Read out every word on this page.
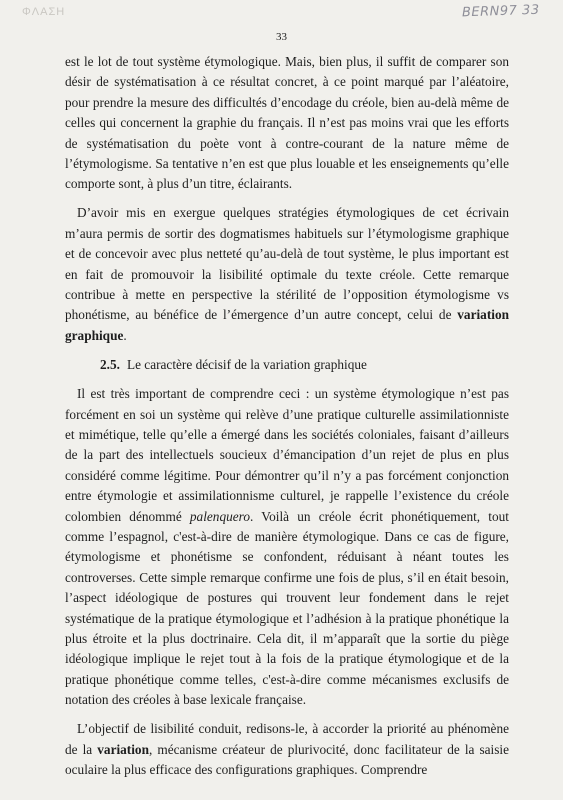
ΦΛΑΣΗ	BERN97 33
33

est le lot de tout système étymologique. Mais, bien plus, il suffit de comparer son désir de systématisation à ce résultat concret, à ce point marqué par l’aléatoire, pour prendre la mesure des difficultés d’encodage du créole, bien au-delà même de celles qui concernent la graphie du français. Il n’est pas moins vrai que les efforts de systématisation du poète vont à contre-courant de la nature même de l’étymologisme. Sa tentative n’en est que plus louable et les enseignements qu’elle comporte sont, à plus d’un titre, éclairants.

D’avoir mis en exergue quelques stratégies étymologiques de cet écrivain m’aura permis de sortir des dogmatismes habituels sur l’étymologisme graphique et de concevoir avec plus netteté qu’au-delà de tout système, le plus important est en fait de promouvoir la lisibilité optimale du texte créole. Cette remarque contribue à mette en perspective la stérilité de l’opposition étymologisme vs phonétisme, au bénéfice de l’émergence d’un autre concept, celui de variation graphique.

2.5. Le caractère décisif de la variation graphique

Il est très important de comprendre ceci : un système étymologique n’est pas forcément en soi un système qui relève d’une pratique culturelle assimilationniste et mimétique, telle qu’elle a émergé dans les sociétés coloniales, faisant d’ailleurs de la part des intellectuels soucieux d’émancipation d’un rejet de plus en plus considéré comme légitime. Pour démontrer qu’il n’y a pas forcément conjonction entre étymologie et assimilationnisme culturel, je rappelle l’existence du créole colombien dénommé palenquero. Voilà un créole écrit phonétiquement, tout comme l’espagnol, c'est-à-dire de manière étymologique. Dans ce cas de figure, étymologisme et phonétisme se confondent, réduisant à néant toutes les controverses. Cette simple remarque confirme une fois de plus, s’il en était besoin, l’aspect idéologique de postures qui trouvent leur fondement dans le rejet systématique de la pratique étymologique et l’adhésion à la pratique phonétique la plus étroite et la plus doctrinaire. Cela dit, il m’apparaît que la sortie du piège idéologique implique le rejet tout à la fois de la pratique étymologique et de la pratique phonétique comme telles, c'est-à-dire comme mécanismes exclusifs de notation des créoles à base lexicale française.

L’objectif de lisibilité conduit, redisons-le, à accorder la priorité au phénomène de la variation, mécanisme créateur de plurivocité, donc facilitateur de la saisie oculaire la plus efficace des configurations graphiques. Comprendre
